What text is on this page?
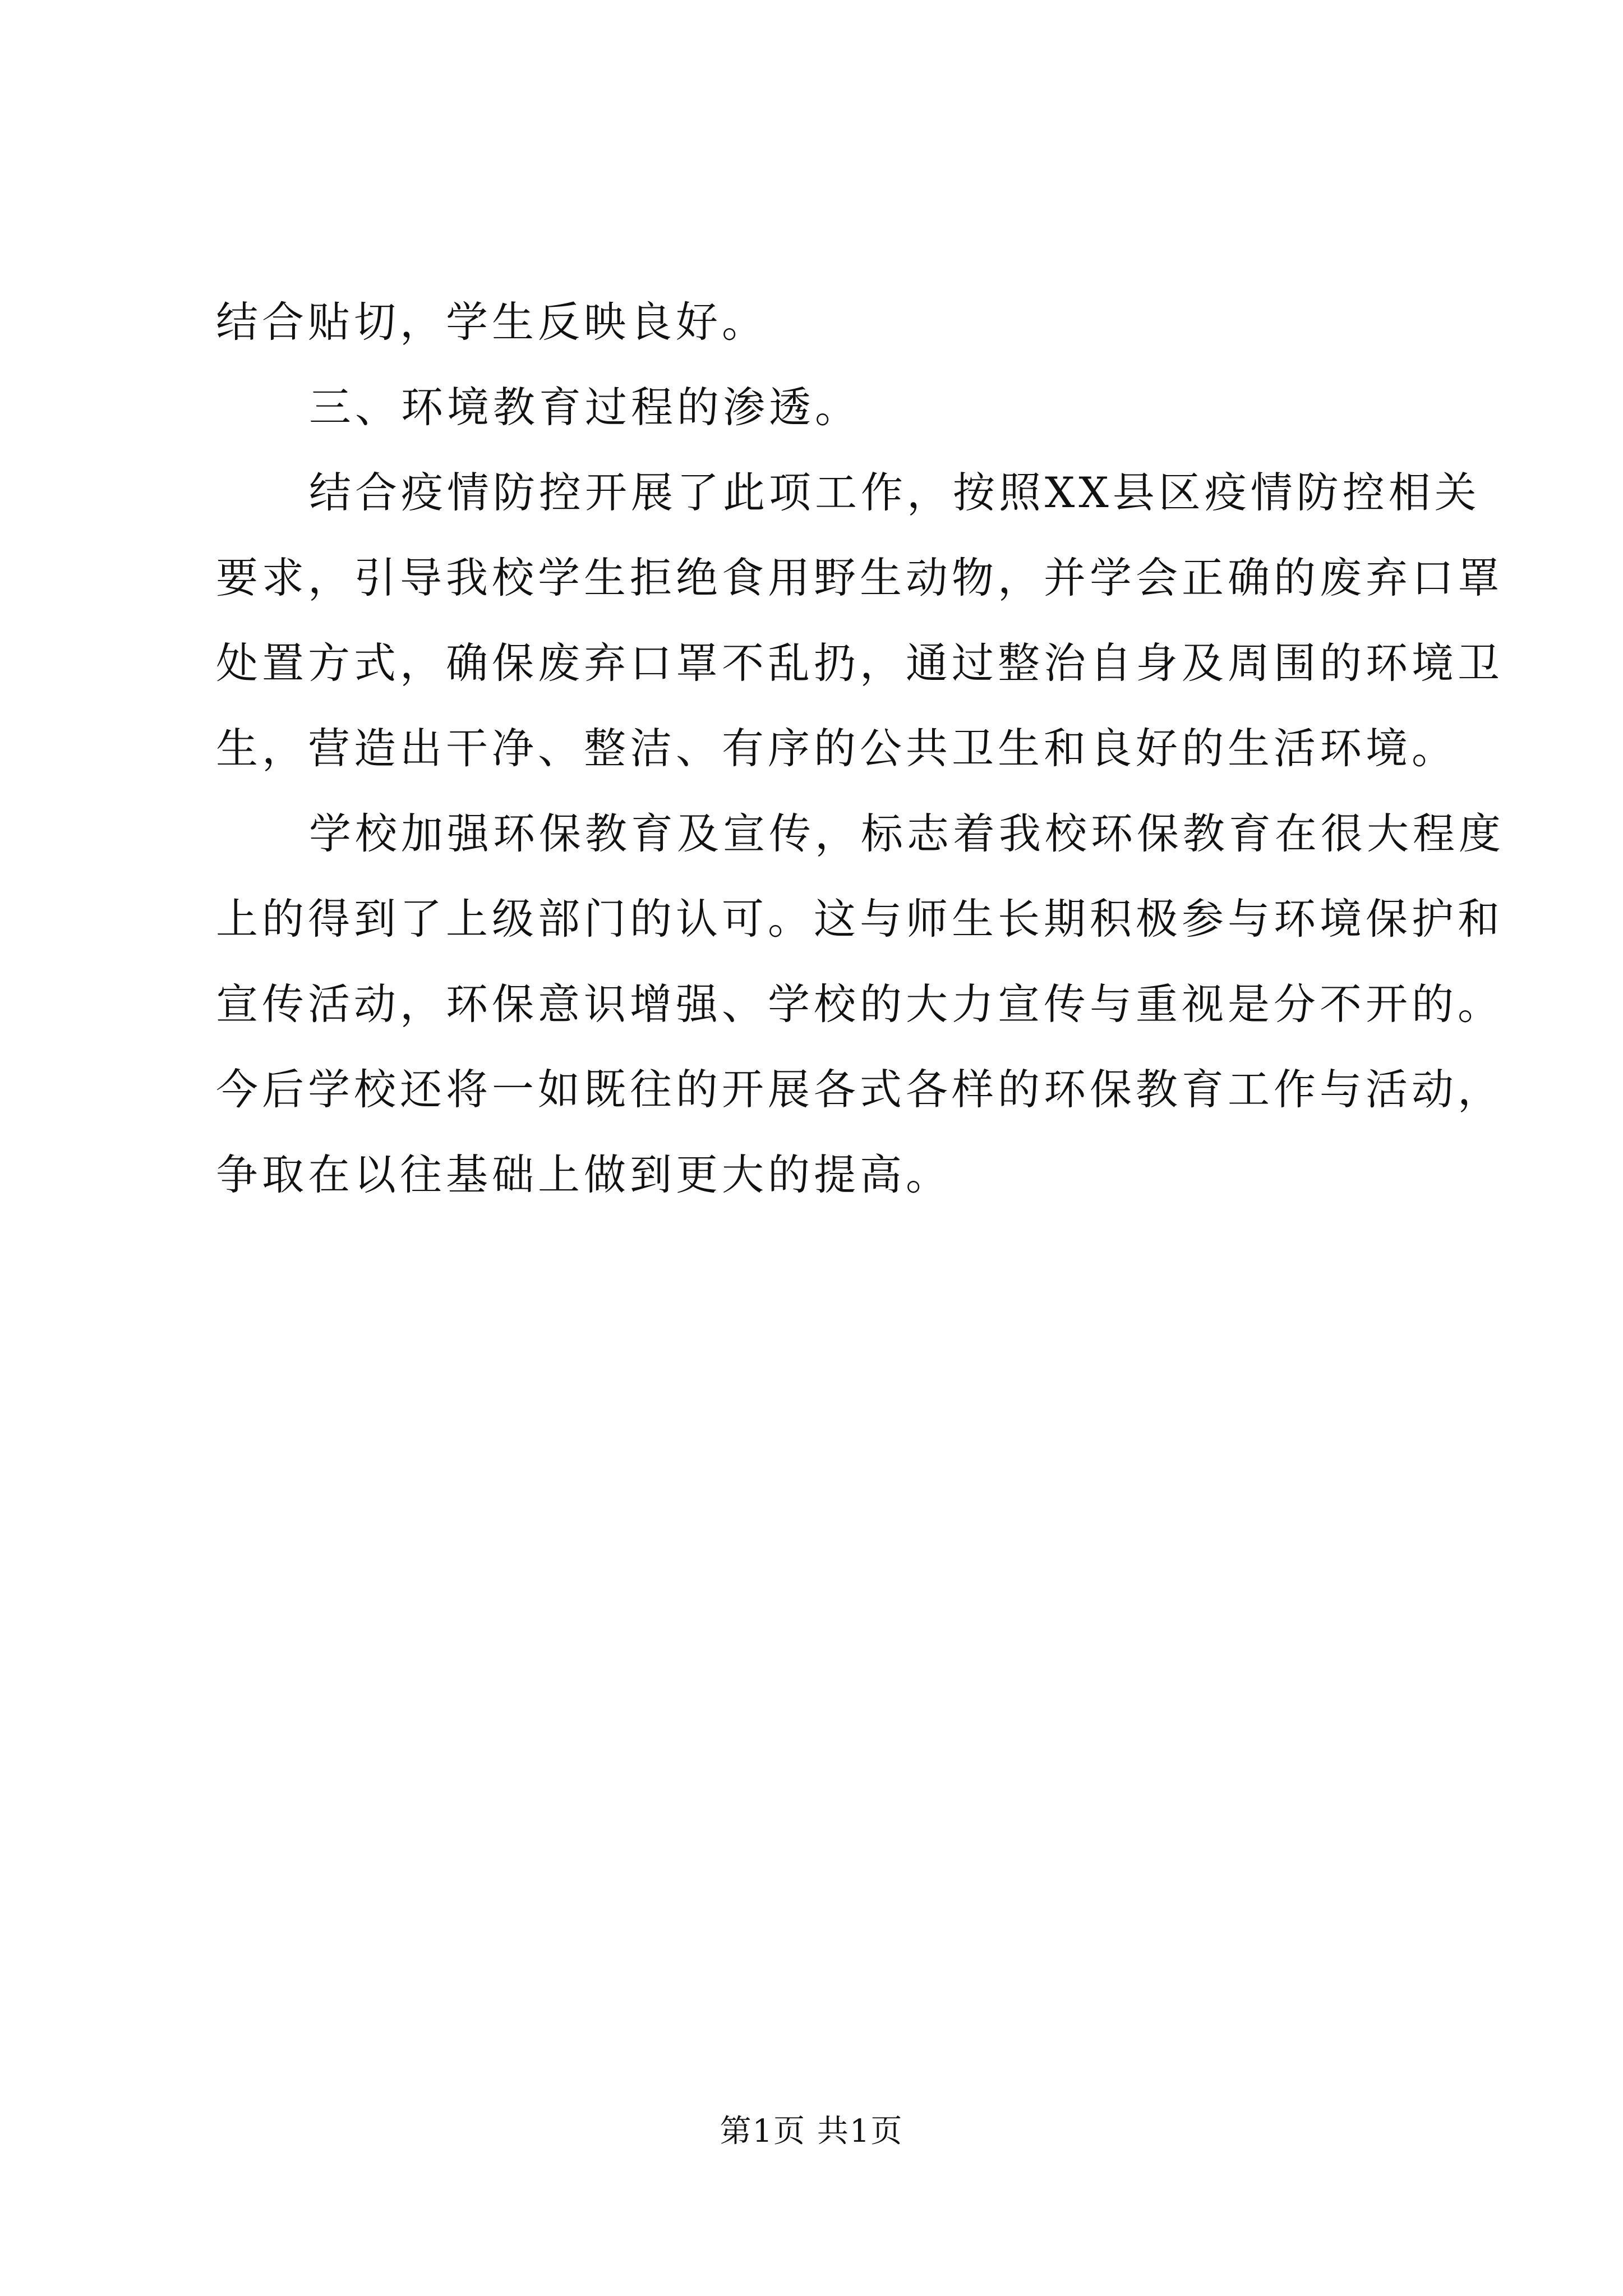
结合贴切，学生反映良好。
三、环境教育过程的渗透。
结合疫情防控开展了此项工作，按照XX县区疫情防控相关
要求，引导我校学生拒绝食用野生动物，并学会正确的废弃口罩
处置方式，确保废弃口罩不乱扔，通过整治自身及周围的环境卫
生，营造出干净、整洁、有序的公共卫生和良好的生活环境。
学校加强环保教育及宣传，标志着我校环保教育在很大程度
上的得到了上级部门的认可。这与师生长期积极参与环境保护和
宣传活动，环保意识增强、学校的大力宣传与重视是分不开的。
今后学校还将一如既往的开展各式各样的环保教育工作与活动，
争取在以往基础上做到更大的提高。
第1页 共1页
